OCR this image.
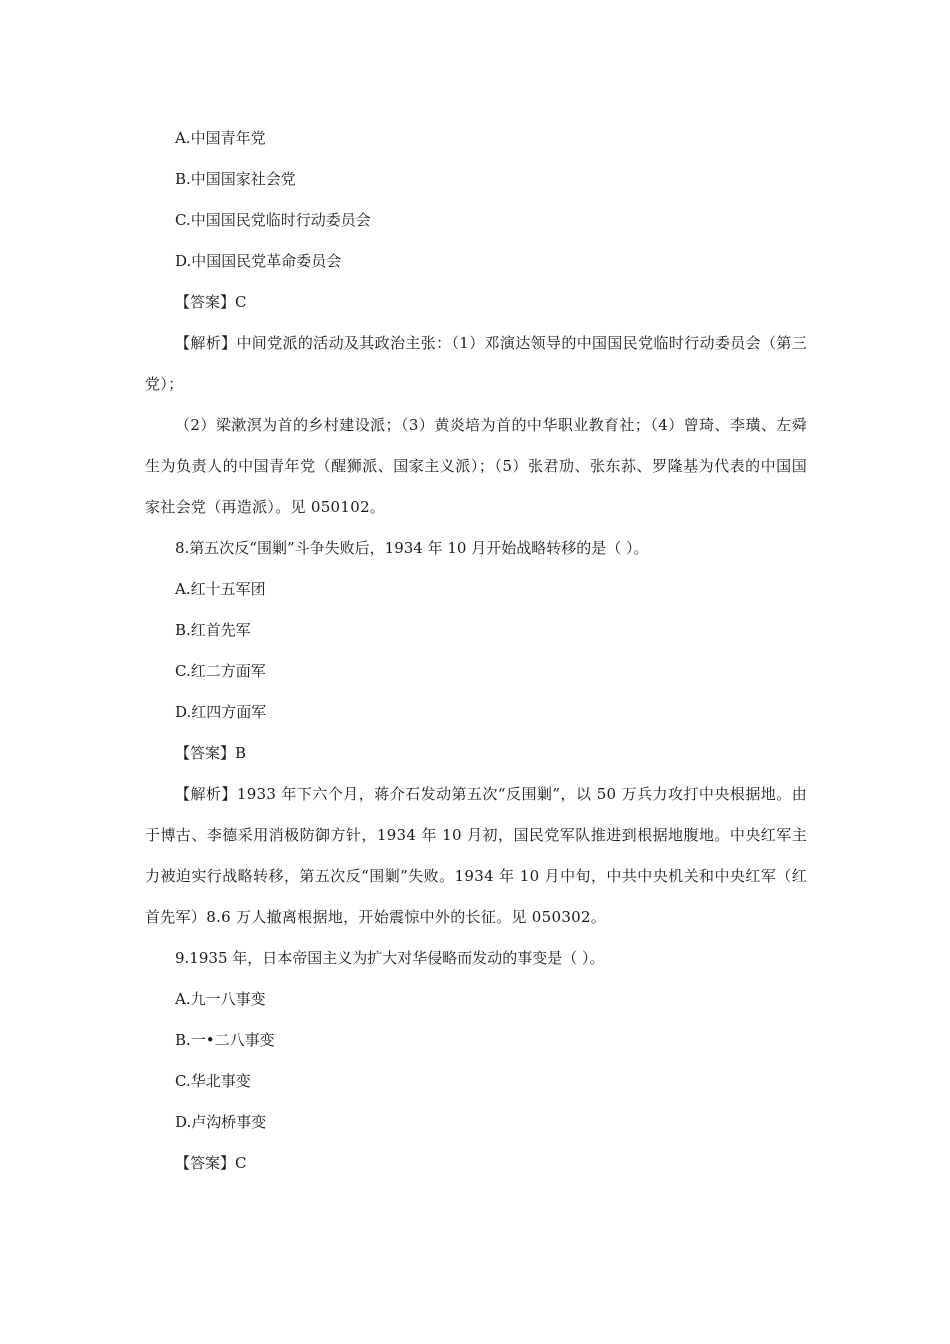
A.中国青年党

B.中国国家社会党

C.中国国民党临时行动委员会

D.中国国民党革命委员会

【答案】C

【解析】中间党派的活动及其政治主张：（1）邓演达领导的中国国民党临时行动委员会（第三党）；

（2）梁漱溟为首的乡村建设派；（3）黄炎培为首的中华职业教育社；（4）曾琦、李璜、左舜生为负责人的中国青年党（醒狮派、国家主义派）；（5）张君劢、张东荪、罗隆基为代表的中国国家社会党（再造派）。见 050102。

8.第五次反“围剿”斗争失败后，1934 年 10 月开始战略转移的是（ ）。

A.红十五军团

B.红首先军

C.红二方面军

D.红四方面军

【答案】B

【解析】1933 年下六个月，蒋介石发动第五次“反围剿”，以 50 万兵力攻打中央根据地。由于博古、李德采用消极防御方针，1934 年 10 月初，国民党军队推进到根据地腹地。中央红军主力被迫实行战略转移，第五次反“围剿”失败。1934 年 10 月中旬，中共中央机关和中央红军（红首先军）8.6 万人撤离根据地，开始震惊中外的长征。见 050302。

9.1935 年，日本帝国主义为扩大对华侵略而发动的事变是（ ）。

A.九一八事变

B.一•二八事变

C.华北事变

D.卢沟桥事变

【答案】C
